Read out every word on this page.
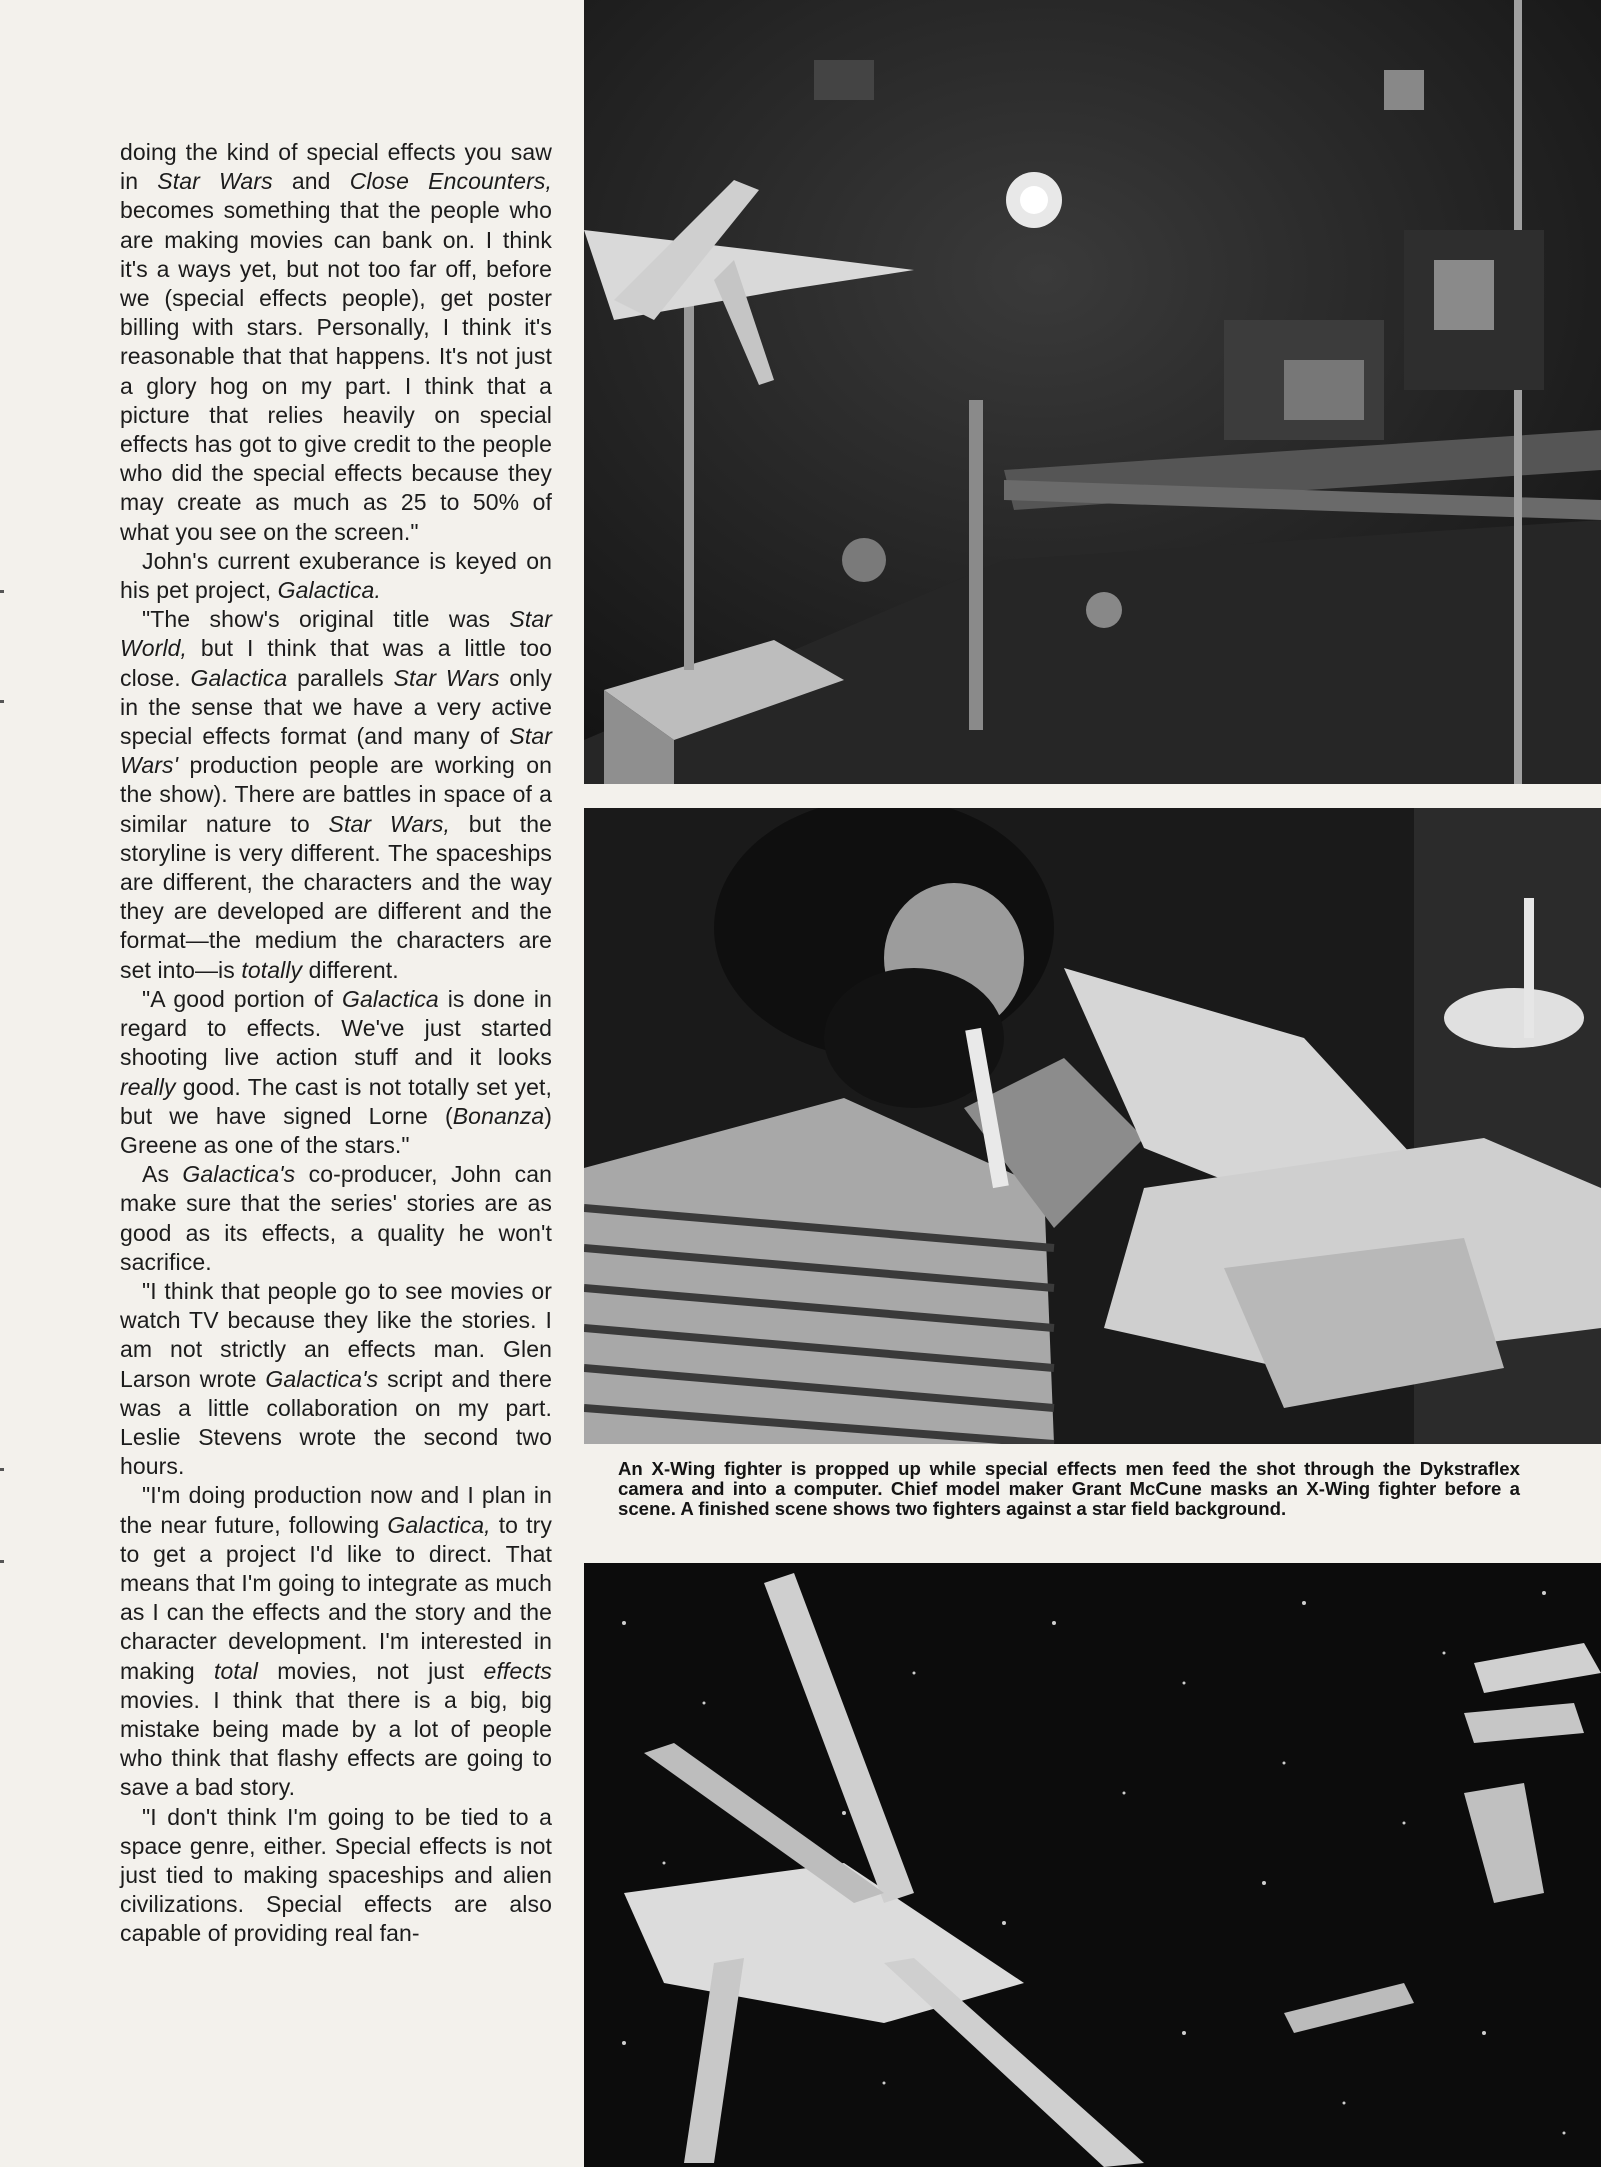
doing the kind of special effects you saw in Star Wars and Close Encounters, becomes something that the people who are making movies can bank on. I think it's a ways yet, but not too far off, before we (special effects people), get poster billing with stars. Personally, I think it's reasonable that that happens. It's not just a glory hog on my part. I think that a picture that relies heavily on special effects has got to give credit to the people who did the special effects because they may create as much as 25 to 50% of what you see on the screen."

John's current exuberance is keyed on his pet project, Galactica.

"The show's original title was Star World, but I think that was a little too close. Galactica parallels Star Wars only in the sense that we have a very active special effects format (and many of Star Wars' production people are working on the show). There are battles in space of a similar nature to Star Wars, but the storyline is very different. The spaceships are different, the characters and the way they are developed are different and the format—the medium the characters are set into—is totally different.

"A good portion of Galactica is done in regard to effects. We've just started shooting live action stuff and it looks really good. The cast is not totally set yet, but we have signed Lorne (Bonanza) Greene as one of the stars."

As Galactica's co-producer, John can make sure that the series' stories are as good as its effects, a quality he won't sacrifice.

"I think that people go to see movies or watch TV because they like the stories. I am not strictly an effects man. Glen Larson wrote Galactica's script and there was a little collaboration on my part. Leslie Stevens wrote the second two hours.

"I'm doing production now and I plan in the near future, following Galactica, to try to get a project I'd like to direct. That means that I'm going to integrate as much as I can the effects and the story and the character development. I'm interested in making total movies, not just effects movies. I think that there is a big, big mistake being made by a lot of people who think that flashy effects are going to save a bad story.

"I don't think I'm going to be tied to a space genre, either. Special effects is not just tied to making spaceships and alien civilizations. Special effects are also capable of providing real fan-

An X-Wing fighter is propped up while special effects men feed the shot through the Dykstraflex camera and into a computer. Chief model maker Grant McCune masks an X-Wing fighter before a scene. A finished scene shows two fighters against a star field background.
